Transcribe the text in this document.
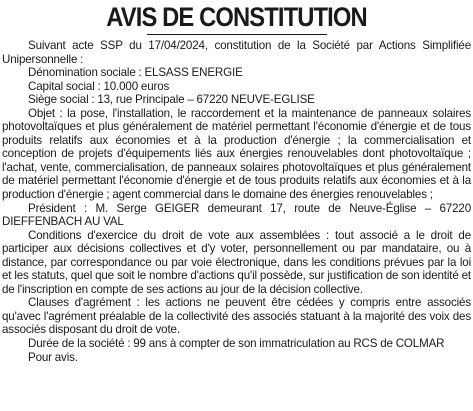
AVIS DE CONSTITUTION

Suivant acte SSP du 17/04/2024, constitution de la Société par Actions Simplifiée Unipersonnelle :

Dénomination sociale : ELSASS ENERGIE

Capital social : 10.000 euros

Siège social : 13, rue Principale – 67220 NEUVE-EGLISE

Objet : la pose, l'installation, le raccordement et la maintenance de panneaux solaires photovoltaïques et plus généralement de matériel permettant l'économie d'énergie et de tous produits relatifs aux économies et à la production d'énergie ; la commercialisation et conception de projets d'équipements liés aux énergies renouvelables dont photovoltaïque ; l'achat, vente, commercialisation, de panneaux solaires photovoltaïques et plus généralement de matériel permettant l'économie d'énergie et de tous produits relatifs aux économies et à la production d'énergie ; agent commercial dans le domaine des énergies renouvelables ;

Président : M. Serge GEIGER demeurant 17, route de Neuve-Église – 67220 DIEFFENBACH AU VAL

Conditions d'exercice du droit de vote aux assemblées : tout associé a le droit de participer aux décisions collectives et d'y voter, personnellement ou par mandataire, ou à distance, par correspondance ou par voie électronique, dans les conditions prévues par la loi et les statuts, quel que soit le nombre d'actions qu'il possède, sur justification de son identité et de l'inscription en compte de ses actions au jour de la décision collective.

Clauses d'agrément : les actions ne peuvent être cédées y compris entre associés qu'avec l'agrément préalable de la collectivité des associés statuant à la majorité des voix des associés disposant du droit de vote.

Durée de la société : 99 ans à compter de son immatriculation au RCS de COLMAR

Pour avis.
